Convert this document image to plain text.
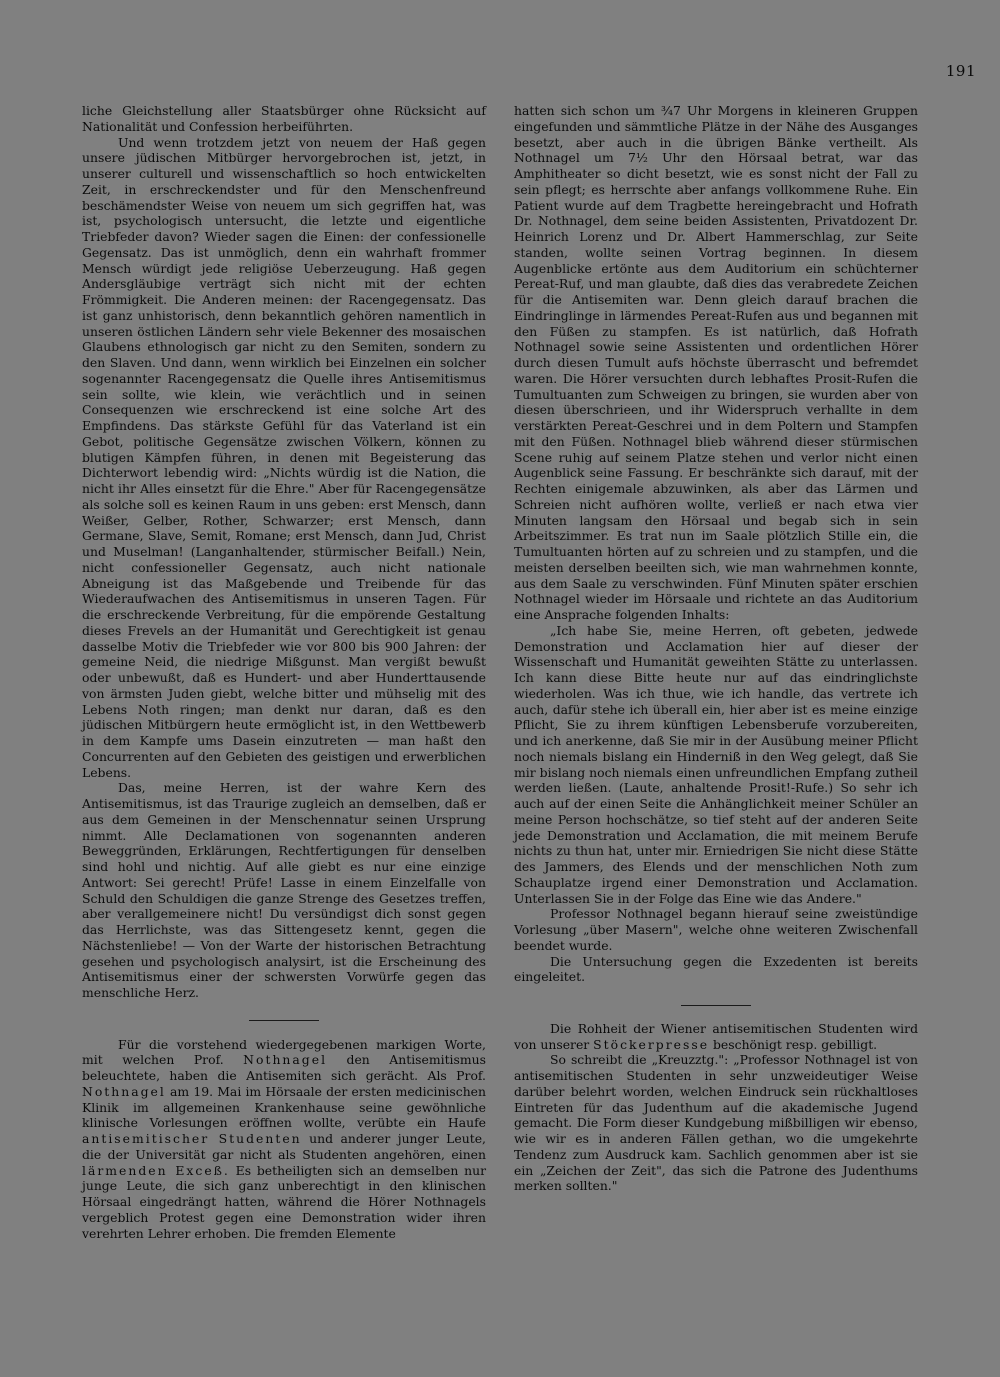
191

liche Gleichstellung aller Staatsbürger ohne Rücksicht auf Nationalität und Confession herbeiführten.

Und wenn trotzdem jetzt von neuem der Haß gegen unsere jüdischen Mitbürger hervorgebrochen ist, jetzt, in unserer culturell und wissenschaftlich so hoch entwickelten Zeit, in erschreckendster und für den Menschenfreund beschämendster Weise von neuem um sich gegriffen hat, was ist, psychologisch untersucht, die letzte und eigentliche Triebfeder davon? Wieder sagen die Einen: der confessionelle Gegensatz. Das ist unmöglich, denn ein wahrhaft frommer Mensch würdigt jede religiöse Ueberzeugung. Haß gegen Andersgläubige verträgt sich nicht mit der echten Frömmigkeit. Die Anderen meinen: der Racengegensatz. Das ist ganz unhistorisch, denn bekanntlich gehören namentlich in unseren östlichen Ländern sehr viele Bekenner des mosaischen Glaubens ethnologisch gar nicht zu den Semiten, sondern zu den Slaven. Und dann, wenn wirklich bei Einzelnen ein solcher sogenannter Racengegensatz die Quelle ihres Antisemitismus sein sollte, wie klein, wie verächtlich und in seinen Consequenzen wie erschreckend ist eine solche Art des Empfindens. Das stärkste Gefühl für das Vaterland ist ein Gebot, politische Gegensätze zwischen Völkern, können zu blutigen Kämpfen führen, in denen mit Begeisterung das Dichterwort lebendig wird: „Nichts würdig ist die Nation, die nicht ihr Alles einsetzt für die Ehre." Aber für Racengegensätze als solche soll es keinen Raum in uns geben: erst Mensch, dann Weißer, Gelber, Rother, Schwarzer; erst Mensch, dann Germane, Slave, Semit, Romane; erst Mensch, dann Jud, Christ und Muselman! (Langanhaltender, stürmischer Beifall.) Nein, nicht confessioneller Gegensatz, auch nicht nationale Abneigung ist das Maßgebende und Treibende für das Wiederaufwachen des Antisemitismus in unseren Tagen. Für die erschreckende Verbreitung, für die empörende Gestaltung dieses Frevels an der Humanität und Gerechtigkeit ist genau dasselbe Motiv die Triebfeder wie vor 800 bis 900 Jahren: der gemeine Neid, die niedrige Mißgunst. Man vergißt bewußt oder unbewußt, daß es Hundert- und aber Hunderttausende von ärmsten Juden giebt, welche bitter und mühselig mit des Lebens Noth ringen; man denkt nur daran, daß es den jüdischen Mitbürgern heute ermöglicht ist, in den Wettbewerb in dem Kampfe ums Dasein einzutreten — man haßt den Concurrenten auf den Gebieten des geistigen und erwerblichen Lebens.

Das, meine Herren, ist der wahre Kern des Antisemitismus, ist das Traurige zugleich an demselben, daß er aus dem Gemeinen in der Menschennatur seinen Ursprung nimmt. Alle Declamationen von sogenannten anderen Beweggründen, Erklärungen, Rechtfertigungen für denselben sind hohl und nichtig. Auf alle giebt es nur eine einzige Antwort: Sei gerecht! Prüfe! Lasse in einem Einzelfalle von Schuld den Schuldigen die ganze Strenge des Gesetzes treffen, aber verallgemeinere nicht! Du versündigst dich sonst gegen das Herrlichste, was das Sittengesetz kennt, gegen die Nächstenliebe! — Von der Warte der historischen Betrachtung gesehen und psychologisch analysirt, ist die Erscheinung des Antisemitismus einer der schwersten Vorwürfe gegen das menschliche Herz.

Für die vorstehend wiedergegebenen markigen Worte, mit welchen Prof. Nothnagel den Antisemitismus beleuchtete, haben die Antisemiten sich gerächt. Als Prof. Nothnagel am 19. Mai im Hörsaale der ersten medicinischen Klinik im allgemeinen Krankenhause seine gewöhnliche klinische Vorlesungen eröffnen wollte, verübte ein Haufe antisemitischer Studenten und anderer junger Leute, die der Universität gar nicht als Studenten angehören, einen lärmenden Exceß. Es betheiligten sich an demselben nur junge Leute, die sich ganz unberechtigt in den klinischen Hörsaal eingedrängt hatten, während die Hörer Nothnagels vergeblich Protest gegen eine Demonstration wider ihren verehrten Lehrer erhoben. Die fremden Elemente

hatten sich schon um ¾7 Uhr Morgens in kleineren Gruppen eingefunden und sämmtliche Plätze in der Nähe des Ausganges besetzt, aber auch in die übrigen Bänke vertheilt. Als Nothnagel um 7½ Uhr den Hörsaal betrat, war das Amphitheater so dicht besetzt, wie es sonst nicht der Fall zu sein pflegt; es herrschte aber anfangs vollkommene Ruhe. Ein Patient wurde auf dem Tragbette hereingebracht und Hofrath Dr. Nothnagel, dem seine beiden Assistenten, Privatdozent Dr. Heinrich Lorenz und Dr. Albert Hammerschlag, zur Seite standen, wollte seinen Vortrag beginnen. In diesem Augenblicke ertönte aus dem Auditorium ein schüchterner Pereat-Ruf, und man glaubte, daß dies das verabredete Zeichen für die Antisemiten war. Denn gleich darauf brachen die Eindringlinge in lärmendes Pereat-Rufen aus und begannen mit den Füßen zu stampfen. Es ist natürlich, daß Hofrath Nothnagel sowie seine Assistenten und ordentlichen Hörer durch diesen Tumult aufs höchste überrascht und befremdet waren. Die Hörer versuchten durch lebhaftes Prosit-Rufen die Tumultuanten zum Schweigen zu bringen, sie wurden aber von diesen überschrieen, und ihr Widerspruch verhallte in dem verstärkten Pereat-Geschrei und in dem Poltern und Stampfen mit den Füßen. Nothnagel blieb während dieser stürmischen Scene ruhig auf seinem Platze stehen und verlor nicht einen Augenblick seine Fassung. Er beschränkte sich darauf, mit der Rechten einigemale abzuwinken, als aber das Lärmen und Schreien nicht aufhören wollte, verließ er nach etwa vier Minuten langsam den Hörsaal und begab sich in sein Arbeitszimmer. Es trat nun im Saale plötzlich Stille ein, die Tumultuanten hörten auf zu schreien und zu stampfen, und die meisten derselben beeilten sich, wie man wahrnehmen konnte, aus dem Saale zu verschwinden. Fünf Minuten später erschien Nothnagel wieder im Hörsaale und richtete an das Auditorium eine Ansprache folgenden Inhalts:

„Ich habe Sie, meine Herren, oft gebeten, jedwede Demonstration und Acclamation hier auf dieser der Wissenschaft und Humanität geweihten Stätte zu unterlassen. Ich kann diese Bitte heute nur auf das eindringlichste wiederholen. Was ich thue, wie ich handle, das vertrete ich auch, dafür stehe ich überall ein, hier aber ist es meine einzige Pflicht, Sie zu ihrem künftigen Lebensberufe vorzubereiten, und ich anerkenne, daß Sie mir in der Ausübung meiner Pflicht noch niemals bislang ein Hinderniß in den Weg gelegt, daß Sie mir bislang noch niemals einen unfreundlichen Empfang zutheil werden ließen. (Laute, anhaltende Prosit!-Rufe.) So sehr ich auch auf der einen Seite die Anhänglichkeit meiner Schüler an meine Person hochschätze, so tief steht auf der anderen Seite jede Demonstration und Acclamation, die mit meinem Berufe nichts zu thun hat, unter mir. Erniedrigen Sie nicht diese Stätte des Jammers, des Elends und der menschlichen Noth zum Schauplatze irgend einer Demonstration und Acclamation. Unterlassen Sie in der Folge das Eine wie das Andere."

Professor Nothnagel begann hierauf seine zweistündige Vorlesung „über Masern", welche ohne weiteren Zwischenfall beendet wurde.

Die Untersuchung gegen die Exzedenten ist bereits eingeleitet.

Die Rohheit der Wiener antisemitischen Studenten wird von unserer Stöckerpresse beschönigt resp. gebilligt.

So schreibt die „Kreuzztg.": „Professor Nothnagel ist von antisemitischen Studenten in sehr unzweideutiger Weise darüber belehrt worden, welchen Eindruck sein rückhaltloses Eintreten für das Judenthum auf die akademische Jugend gemacht. Die Form dieser Kundgebung mißbilligen wir ebenso, wie wir es in anderen Fällen gethan, wo die umgekehrte Tendenz zum Ausdruck kam. Sachlich genommen aber ist sie ein „Zeichen der Zeit", das sich die Patrone des Judenthums merken sollten."
